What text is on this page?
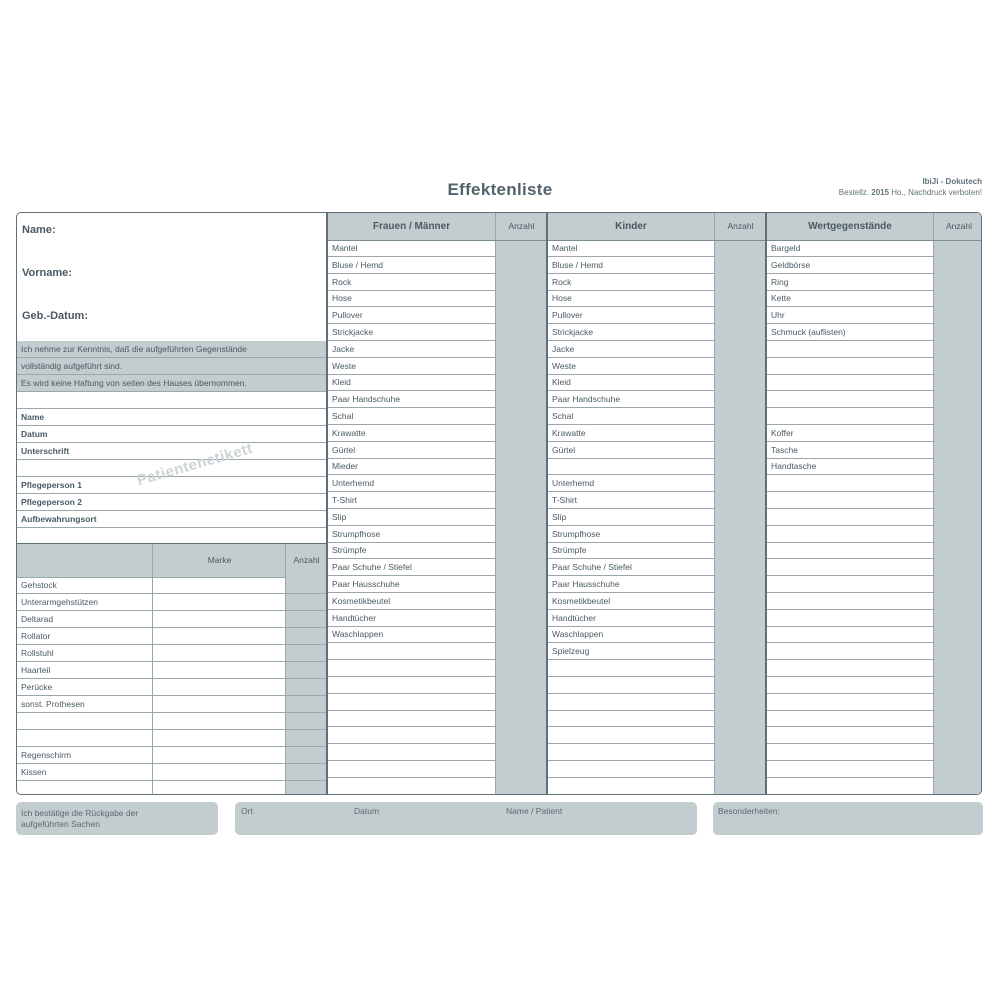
Effektenliste	IbiJi - Dokutech
Bestellz. 2015 Ho., Nachdruck verboten!
Name:
Vorname:
Geb.-Datum:
Ich nehme zur Kenntnis, daß die aufgeführten Gegenstände
vollständig aufgeführt sind.
Es wird keine Haftung von seiten des Hauses übernommen.
Name
Datum
Unterschrift
Pflegeperson 1
Pflegeperson 2
Aufbewahrungsort
Marke	Anzahl
Gehstock
Unterarmgehstützen
Deltarad
Rollator
Rollstuhl
Haarteil
Perücke
sonst. Prothesen
Regenschirm
Kissen
Patientenetikett
Frauen / Männer	Anzahl
Mantel
Bluse / Hemd
Rock
Hose
Pullover
Strickjacke
Jacke
Weste
Kleid
Paar Handschuhe
Schal
Krawatte
Gürtel
Mieder
Unterhemd
T-Shirt
Slip
Strumpfhose
Strümpfe
Paar Schuhe / Stiefel
Paar Hausschuhe
Kosmetikbeutel
Handtücher
Waschlappen
Kinder	Anzahl
Mantel
Bluse / Hemd
Rock
Hose
Pullover
Strickjacke
Jacke
Weste
Kleid
Paar Handschuhe
Schal
Krawatte
Gürtel
Unterhemd
T-Shirt
Slip
Strumpfhose
Strümpfe
Paar Schuhe / Stiefel
Paar Hausschuhe
Kosmetikbeutel
Handtücher
Waschlappen
Spielzeug
Wertgegenstände	Anzahl
Bargeld
Geldbörse
Ring
Kette
Uhr
Schmuck (auflisten)
Koffer
Tasche
Handtasche
Ich bestätige die Rückgabe der aufgeführten Sachen
Ort	Datum	Name / Patient	Besonderheiten:
